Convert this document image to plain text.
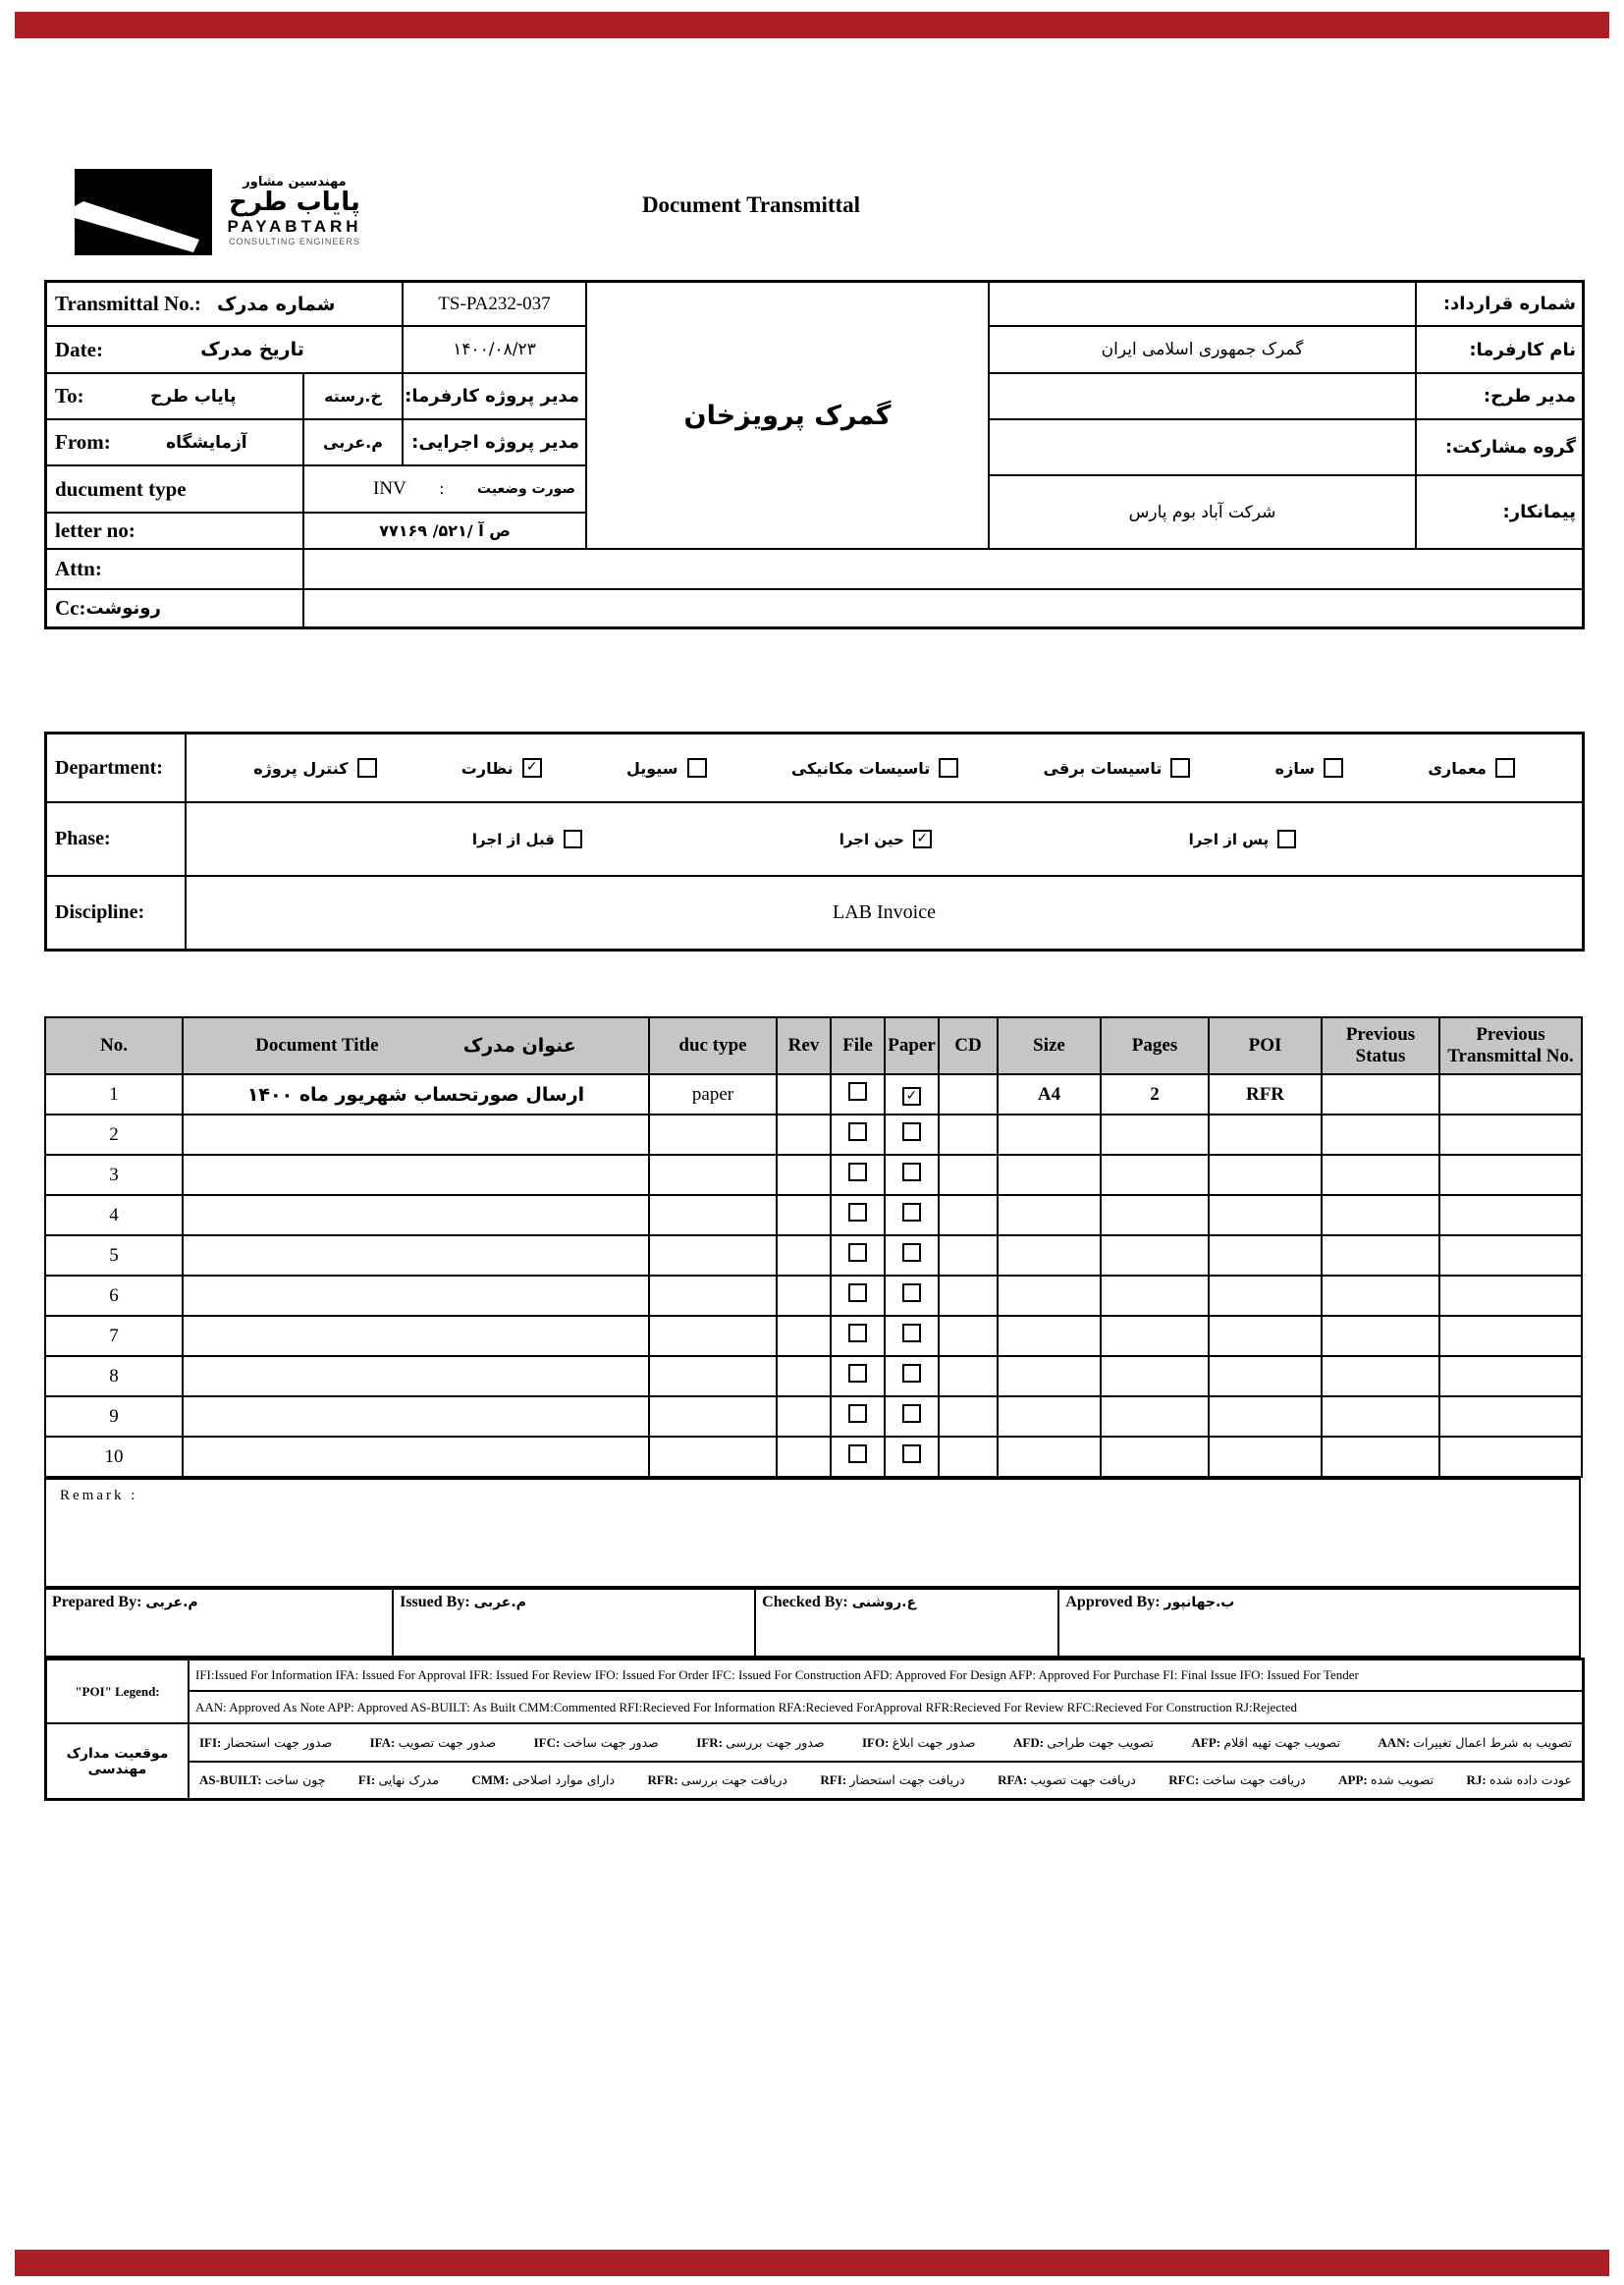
مهندسین مشاور
پایاب طرح
PAYABTARH
CONSULTING ENGINEERS
Document Transmittal
Transmittal No.: شماره مدرک	TS-PA232-037
Date:	تاریخ مدرک	۱۴۰۰/۰۸/۲۳
To:	پایاب طرح	خ.رسته	مدیر پروژه کارفرما:
From:	آزمایشگاه	م.عربی	مدیر پروژه اجرایی:
ducument type	INV : صورت وضعیت
letter no:	ص آ /۵۲۱/ ۷۷۱۶۹
Attn:
Cc: رونوشت
گمرک پرویزخان
شماره قرارداد:
گمرک جمهوری اسلامی ایران	نام کارفرما:
مدیر طرح:
گروه مشارکت:
شرکت آباد بوم پارس	پیمانکار:
Department:	معماری
سازه
تاسیسات برقی
تاسیسات مکانیکی
سیویل
✓
نظارت
کنترل پروژه
Phase:	پس از اجرا
✓
حین اجرا
قبل از اجرا
Discipline:	LAB Invoice
No.	Document Title عنوان مدرک	duc type	Rev	File	Paper	CD	Size	Pages	POI	Previous Status	Previous Transmittal No.
1	ارسال صورتحساب شهریور ماه ۱۴۰۰	paper			✓		A4	2	RFR		
2											
3											
4											
5											
6											
7											
8											
9											
10											
Remark :
Prepared By: م.عربی	Issued By: م.عربی	Checked By: ع.روشنی	Approved By: ب.جهانپور
"POI" Legend:
IFI:Issued For Information IFA: Issued For Approval IFR: Issued For Review IFO: Issued For Order IFC: Issued For Construction AFD: Approved For Design AFP: Approved For Purchase FI: Final Issue IFO: Issued For Tender
AAN: Approved As Note APP: Approved AS-BUILT: As Built CMM:Commented RFI:Recieved For Information RFA:Recieved ForApproval RFR:Recieved For Review RFC:Recieved For Construction RJ:Rejected
موقعیت مدارک مهندسی
IFI: صدور جهت استحضار	IFA: صدور جهت تصویب	IFC: صدور جهت ساخت	IFR: صدور جهت بررسی	IFO: صدور جهت ابلاغ	AFD: تصویب جهت طراحی	AFP: تصویب جهت تهیه اقلام	AAN: تصویب به شرط اعمال تغییرات
AS-BUILT: چون ساخت	FI: مدرک نهایی	CMM: دارای موارد اصلاحی	RFR: دریافت جهت بررسی	RFI: دریافت جهت استحضار	RFA: دریافت جهت تصویب	RFC: دریافت جهت ساخت	APP: تصویب شده	RJ: عودت داده شده
